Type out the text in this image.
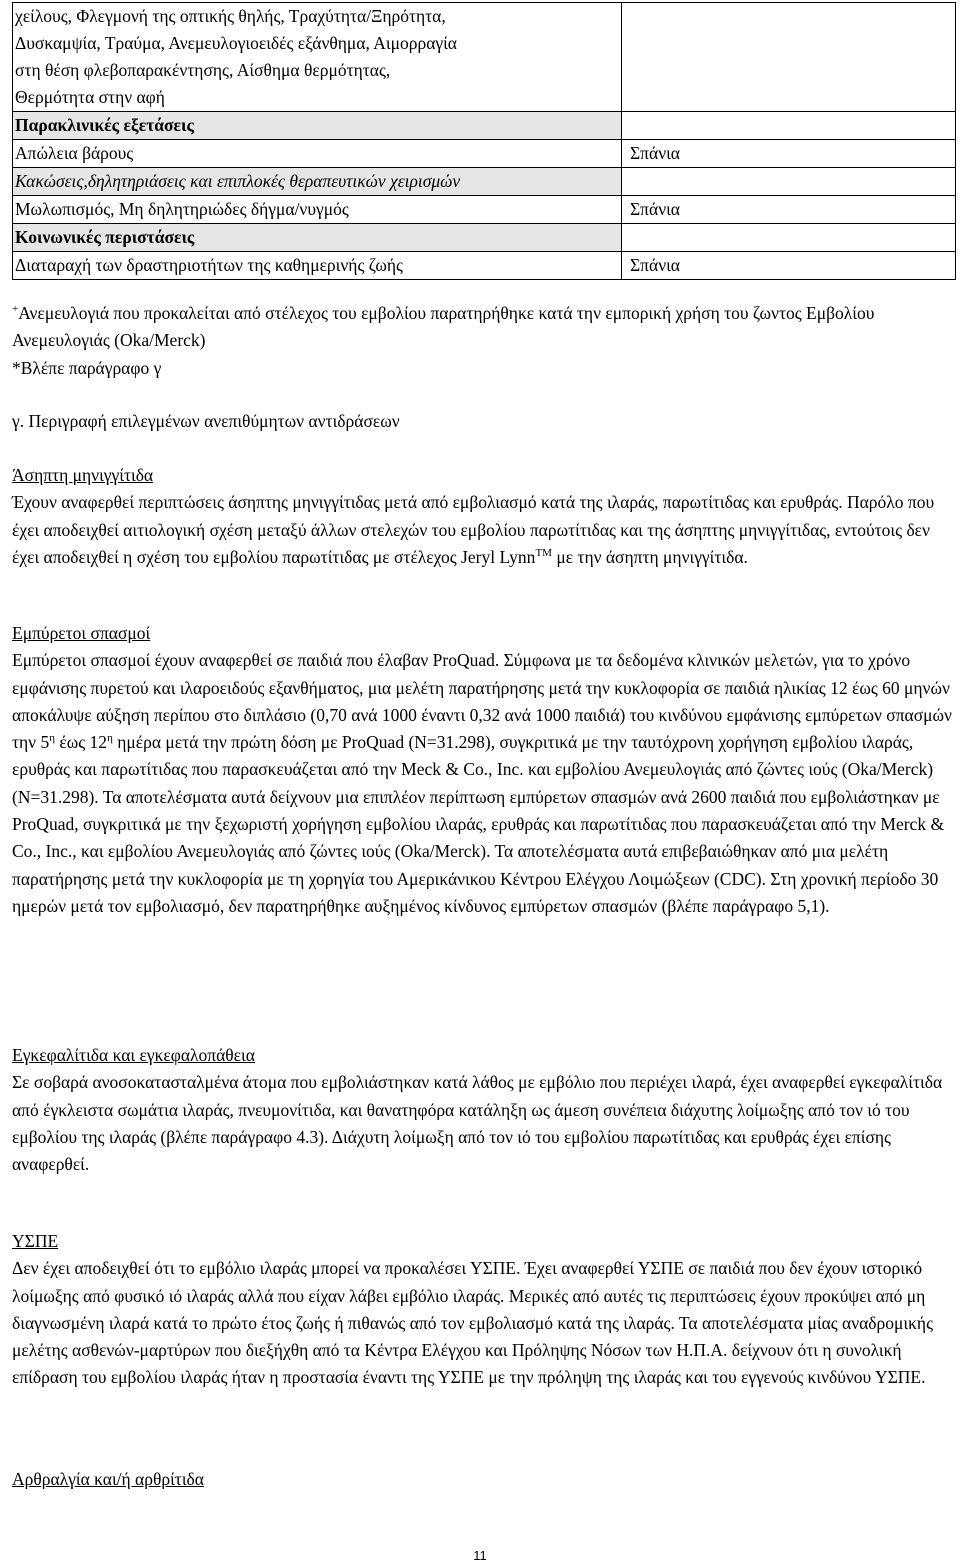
χείλους, Φλεγμονή της οπτικής θηλής, Τραχύτητα/Ξηρότητα,
Δυσκαμψία, Τραύμα, Ανεμευλογιοειδές εξάνθημα, Αιμορραγία
στη θέση φλεβοπαρακέντησης, Αίσθημα θερμότητας,
Θερμότητα στην αφή	

Παρακλινικές εξετάσεις	

Απώλεια βάρους	Σπάνια

Κακώσεις,δηλητηριάσεις και επιπλοκές θεραπευτικών χειρισμών	

Μωλωπισμός, Μη δηλητηριώδες δήγμα/νυγμός	Σπάνια

Κοινωνικές περιστάσεις	

Διαταραχή των δραστηριοτήτων της καθημερινής ζωής	Σπάνια

+Ανεμευλογιά που προκαλείται από στέλεχος του εμβολίου παρατηρήθηκε κατά την εμπορική χρήση του ζωντος Εμβολίου Ανεμευλογιάς (Oka/Merck)

*Βλέπε παράγραφο γ

γ. Περιγραφή επιλεγμένων ανεπιθύμητων αντιδράσεων

Άσηπτη μηνιγγίτιδα

Έχουν αναφερθεί περιπτώσεις άσηπτης μηνιγγίτιδας μετά από εμβολιασμό κατά της ιλαράς, παρωτίτιδας και ερυθράς. Παρόλο που έχει αποδειχθεί αιτιολογική σχέση μεταξύ άλλων στελεχών του εμβολίου παρωτίτιδας και της άσηπτης μηνιγγίτιδας, εντούτοις δεν έχει αποδειχθεί η σχέση του εμβολίου παρωτίτιδας με στέλεχος Jeryl Lynn™ με την άσηπτη μηνιγγίτιδα.

Εμπύρετοι σπασμοί

Εμπύρετοι σπασμοί έχουν αναφερθεί σε παιδιά που έλαβαν ProQuad. Σύμφωνα με τα δεδομένα κλινικών μελετών, για το χρόνο εμφάνισης πυρετού και ιλαροειδούς εξανθήματος, μια μελέτη παρατήρησης μετά την κυκλοφορία σε παιδιά ηλικίας 12 έως 60 μηνών αποκάλυψε αύξηση περίπου στο διπλάσιο (0,70 ανά 1000 έναντι 0,32 ανά 1000 παιδιά) του κινδύνου εμφάνισης εμπύρετων σπασμών την $5^\eta$ έως $12^\eta$ ημέρα μετά την πρώτη δόση με ProQuad (N=31.298), συγκριτικά με την ταυτόχρονη χορήγηση εμβολίου ιλαράς, ερυθράς και παρωτίτιδας που παρασκευάζεται από την Meck & Co., Inc. και εμβολίου Ανεμευλογιάς από ζώντες ιούς (Oka/Merck) (N=31.298). Τα αποτελέσματα αυτά δείχνουν μια επιπλέον περίπτωση εμπύρετων σπασμών ανά 2600 παιδιά που εμβολιάστηκαν με ProQuad, συγκριτικά με την ξεχωριστή χορήγηση εμβολίου ιλαράς, ερυθράς και παρωτίτιδας που παρασκευάζεται από την Merck & Co., Inc., και εμβολίου Ανεμευλογιάς από ζώντες ιούς (Oka/Merck). Τα αποτελέσματα αυτά επιβεβαιώθηκαν από μια μελέτη παρατήρησης μετά την κυκλοφορία με τη χορηγία του Αμερικάνικου Κέντρου Ελέγχου Λοιμώξεων (CDC). Στη χρονική περίοδο 30 ημερών μετά τον εμβολιασμό, δεν παρατηρήθηκε αυξημένος κίνδυνος εμπύρετων σπασμών (βλέπε παράγραφο 5,1).

Εγκεφαλίτιδα και εγκεφαλοπάθεια

Σε σοβαρά ανοσοκατασταλμένα άτομα που εμβολιάστηκαν κατά λάθος με εμβόλιο που περιέχει ιλαρά, έχει αναφερθεί εγκεφαλίτιδα από έγκλειστα σωμάτια ιλαράς, πνευμονίτιδα, και θανατηφόρα κατάληξη ως άμεση συνέπεια διάχυτης λοίμωξης από τον ιό του εμβολίου της ιλαράς (βλέπε παράγραφο 4.3). Διάχυτη λοίμωξη από τον ιό του εμβολίου παρωτίτιδας και ερυθράς έχει επίσης αναφερθεί.

ΥΣΠΕ

Δεν έχει αποδειχθεί ότι το εμβόλιο ιλαράς μπορεί να προκαλέσει ΥΣΠΕ. Έχει αναφερθεί ΥΣΠΕ σε παιδιά που δεν έχουν ιστορικό λοίμωξης από φυσικό ιό ιλαράς αλλά που είχαν λάβει εμβόλιο ιλαράς. Μερικές από αυτές τις περιπτώσεις έχουν προκύψει από μη διαγνωσμένη ιλαρά κατά το πρώτο έτος ζωής ή πιθανώς από τον εμβολιασμό κατά της ιλαράς. Τα αποτελέσματα μίας αναδρομικής μελέτης ασθενών-μαρτύρων που διεξήχθη από τα Κέντρα Ελέγχου και Πρόληψης Νόσων των Η.Π.Α. δείχνουν ότι η συνολική επίδραση του εμβολίου ιλαράς ήταν η προστασία έναντι της ΥΣΠΕ με την πρόληψη της ιλαράς και του εγγενούς κινδύνου ΥΣΠΕ.

Αρθραλγία και/ή αρθρίτιδα

11
